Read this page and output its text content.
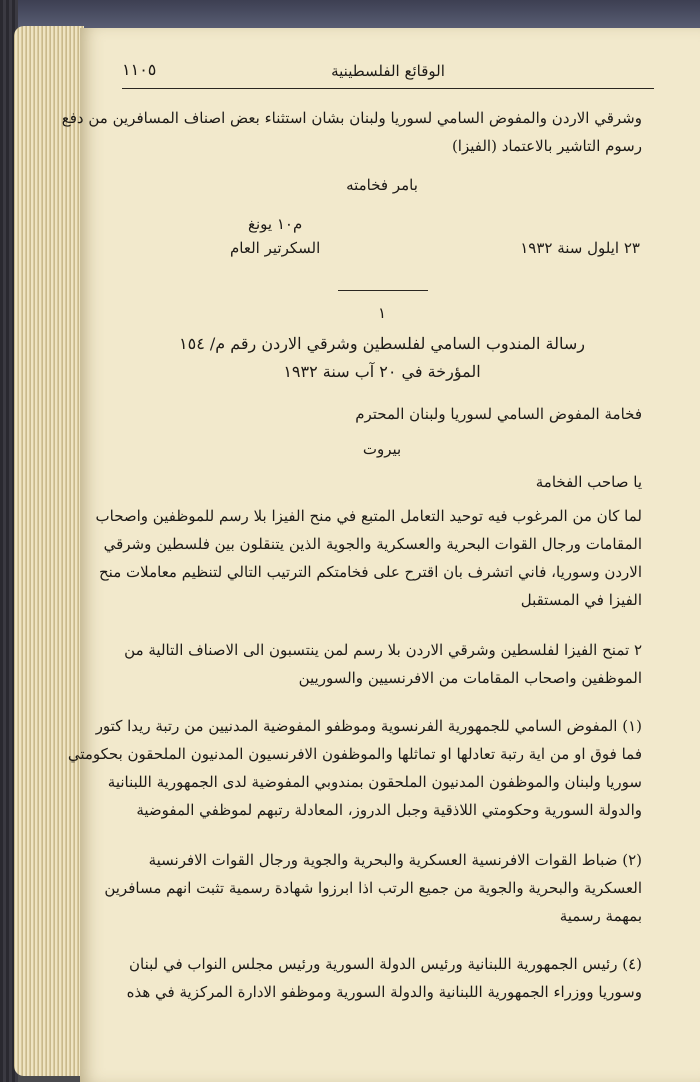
الوقائع الفلسطينية
١١٠٥
وشرقي الاردن والمفوض السامي لسوريا ولبنان بشان استثناء بعض اصناف المسافرين من دفع
رسوم التاشير بالاعتماد (الفيزا)
بامر فخامته
م١٠ يونغ
السكرتير العام	٢٣ ايلول سنة ١٩٣٢
١
رسالة المندوب السامي لفلسطين وشرقي الاردن رقم م/ ١٥٤
المؤرخة في ٢٠ آب سنة ١٩٣٢
فخامة المفوض السامي لسوريا ولبنان المحترم
بيروت
يا صاحب الفخامة
لما كان من المرغوب فيه توحيد التعامل المتبع في منح الفيزا بلا رسم للموظفين واصحاب
المقامات ورجال القوات البحرية والعسكرية والجوية الذين يتنقلون بين فلسطين وشرقي
الاردن وسوريا، فاني اتشرف بان اقترح على فخامتكم الترتيب التالي لتنظيم معاملات منح
الفيزا في المستقبل
٢ تمنح الفيزا لفلسطين وشرقي الاردن بلا رسم لمن ينتسبون الى الاصناف التالية من
الموظفين واصحاب المقامات من الافرنسيين والسوريين
(١) المفوض السامي للجمهورية الفرنسوية وموظفو المفوضية المدنيين من رتبة ريدا كتور
فما فوق او من اية رتبة تعادلها او تماثلها والموظفون الافرنسيون المدنيون الملحقون بحكومتي
سوريا ولبنان والموظفون المدنيون الملحقون بمندوبي المفوضية لدى الجمهورية اللبنانية
والدولة السورية وحكومتي اللاذقية وجبل الدروز، المعادلة رتبهم لموظفي المفوضية
(٢) ضباط القوات الافرنسية العسكرية والبحرية والجوية ورجال القوات الافرنسية
العسكرية والبحرية والجوية من جميع الرتب اذا ابرزوا شهادة رسمية تثبت انهم مسافرين
بمهمة رسمية
(٤) رئيس الجمهورية اللبنانية ورئيس الدولة السورية ورئيس مجلس النواب في لبنان
وسوريا ووزراء الجمهورية اللبنانية والدولة السورية وموظفو الادارة المركزية في هذه
